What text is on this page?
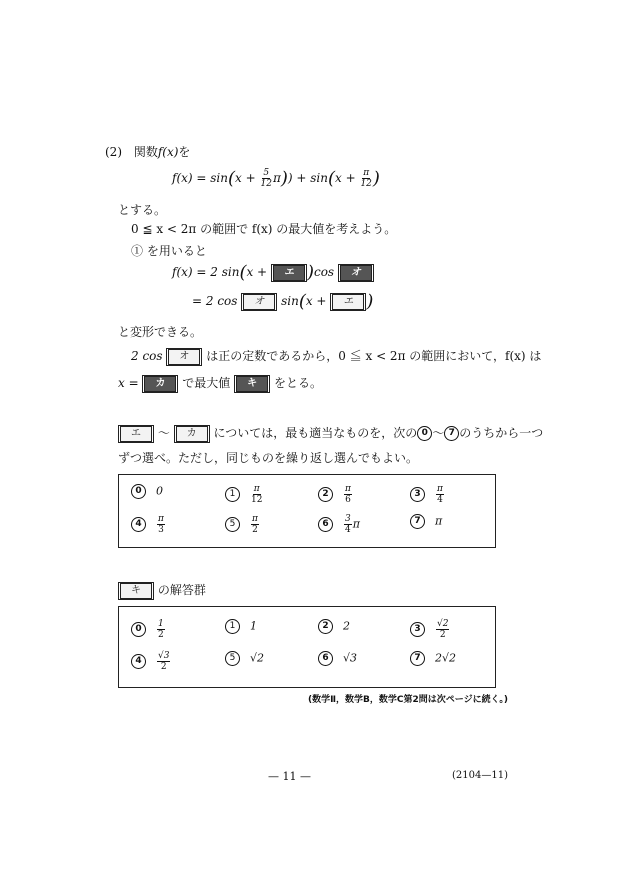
(2) 関数f(x)を
$f(x) = \sin(x + \frac{5}{12} \pi)) + \sin(x + \frac{\pi}{12}$ )
とする。
0 ≦ x < 2π の範囲で f(x) の最大値を考えよう。
① を用いると
f(x) = 2 sin(x + エ )cos オ
= 2 cos オ sin(x + エ )
と変形できる。
2 cos オ は正の定数であるから，0 ≦ x < 2π の範囲において，f(x) は
x = カ で最大値 キ をとる。
エ ～ カ については，最も適当なものを，次の 0 ～ 7 のうちから一つ
ずつ選べ。ただし，同じものを繰り返し選んでもよい。
0 0	$1 \frac{\pi}{12}$	$2 \frac{\pi}{6}$	$3 \frac{\pi}{4}$
$4 \frac{\pi}{3}$	$5 \frac{\pi}{2}$	$6 \frac{3}{4}$ π	7 π
キ の解答群
$0 \frac{1}{2}$	1 1	2 2	$3 \frac{√2}{2}$
$4 \frac{√3}{2}$	5 √2	6 √3	7 2√2
(数学Ⅱ，数学B，数学C第2問は次ページに続く。)
— 11 —	(2104—11)
